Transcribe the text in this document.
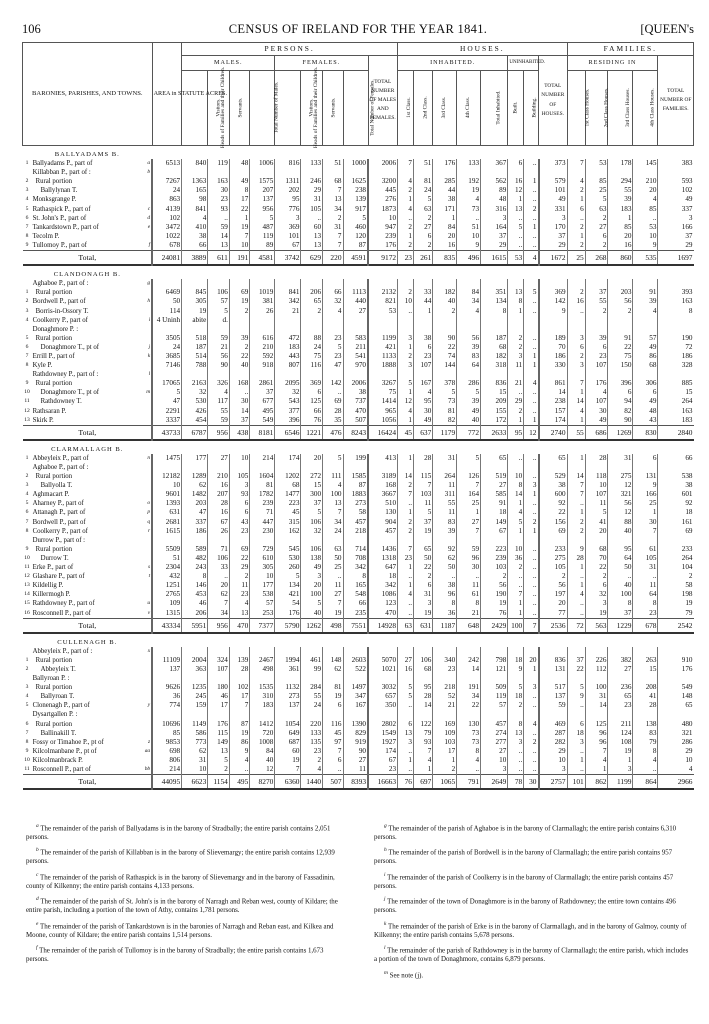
106	CENSUS OF IRELAND FOR THE YEAR 1841.	[QUEEN's
BARONIES, PARISHES, AND TOWNS.			AREA in STATUTE ACRES.	PERSONS.									HOUSES.								FAMILIES.				
				MALES.				FEMALES.				TOTAL NUMBER OF MALES AND FEMALES.	INHABITED.					UNINHABITED.		TOTAL NUMBER OF HOUSES.	RESIDING IN				TOTAL NUMBER OF FAMILIES.
				Heads of Families and their Children.	Visitors.	Servants.	Total Number of Males.	Heads of Families and their Children.	Visitors.	Servants.	Total Number of Females.		1st Class.	2nd Class.	3rd Class.	4th Class.	Total Inhabited.	Built.	Building.		1st Class Houses.	2nd Class Houses.	3rd Class Houses.	4th Class Houses.	
BALLYADAMS B.																									
1	Ballyadams P., part of	a	6513	840	119	48	1006	816	133	51	1000	2006	7	51	176	133	367	6	..	373	7	53	178	145	383
	Killabban P., part of :	b																							
2	Rural portion		7267	1363	163	49	1575	1311	246	68	1625	3200	4	81	285	192	562	16	1	579	4	85	294	210	593
3	Ballylynan T.		24	165	30	8	207	202	29	7	238	445	2	24	44	19	89	12	..	101	2	25	55	20	102
4	Monksgrange P.		863	98	23	17	137	95	31	13	139	276	1	5	38	4	48	1	..	49	1	5	39	4	49
5	Rathaspick P., part of	c	4139	841	93	22	956	776	105	34	917	1873	4	63	171	73	316	13	2	331	6	63	183	85	337
6	St. John's P., part of	d	102	4	..	1	5	3	..	2	5	10	..	2	1	..	3	..	..	3	..	2	1	..	3
7	Tankardstown P., part of	e	3472	410	59	19	487	369	60	31	460	947	2	27	84	51	164	5	1	170	2	27	85	53	166
8	Tecolm P.		1022	38	14	7	119	101	13	7	120	239	1	6	20	10	37	..	..	37	1	6	20	10	37
9	Tullomoy P., part of	f	678	66	13	10	89	67	13	7	87	176	2	2	16	9	29	..	..	29	2	2	16	9	29
	Total,		24081	3889	611	191	4581	3742	629	220	4591	9172	23	261	835	496	1615	53	4	1672	25	268	860	535	1697
CLANDONAGH B.																									
	Aghaboe P., part of :	g																							
1	Rural portion		6469	845	106	69	1019	841	206	66	1113	2132	2	33	182	84	351	13	5	369	2	37	203	91	393
2	Bordwell P., part of	h	50	305	57	19	381	342	65	32	440	821	10	44	40	34	134	8	..	142	16	55	56	39	163
3	Borris-in-Ossory T.		114	19	5	2	26	21	2	4	27	53	..	1	2	4	8	1	..	9	..	2	2	4	8
4	Coolkerry P., part of	i	4 Uninh	abite	d.																				
	Donaghmore P. :																								
5	Rural portion		3505	518	59	39	616	472	88	23	583	1199	3	38	90	56	187	2	..	189	3	39	91	57	190
6	Donaghmore T., pt of	j	24	187	21	2	210	183	24	5	211	421	1	6	22	39	68	2	..	70	6	6	22	49	72
7	Errill P., part of	k	3685	514	56	22	592	443	75	23	541	1133	2	23	74	83	182	3	1	186	2	23	75	86	186
8	Kyle P.		7146	788	90	40	918	807	116	47	970	1888	3	107	144	64	318	11	1	330	3	107	150	68	328
	Rathdowney P., part of :	l																							
9	Rural portion		17065	2163	326	168	2861	2095	369	142	2006	3267	5	167	378	286	836	21	4	861	7	176	396	306	885
10	Donaghmore T., pt of	m	5	32	4	..	37	32	6	..	38	75	1	4	5	5	15	..	..	14	1	4	6	6	15
11	Rathdowney T.		47	530	117	30	677	543	125	69	737	1414	12	95	73	39	209	29	..	238	14	107	94	49	264
12	Rathsaran P.		2291	426	55	14	495	377	66	28	470	965	4	30	81	49	155	2	..	157	4	30	82	48	163
13	Skirk P.		3337	454	59	37	549	396	76	35	507	1056	1	49	82	40	172	1	1	174	1	49	90	43	183
	Total,		43733	6787	956	438	8181	6546	1221	476	8243	16424	45	637	1179	772	2633	95	12	2740	55	686	1269	830	2840
CLARMALLAGH B.																									
1	Abbeyleix P., part of	n	1475	177	27	10	214	174	20	5	199	413	1	28	31	5	65	..	..	65	1	28	31	6	66
	Aghaboe P., part of :																								
2	Rural portion		12182	1289	210	105	1604	1202	272	111	1585	3189	14	115	264	126	519	10	..	529	14	118	275	131	538
3	Ballyolla T.		10	62	16	3	81	68	15	4	87	168	2	7	11	7	27	8	3	38	7	10	12	9	38
4	Aghmacart P.		9601	1482	207	93	1782	1477	300	100	1883	3667	7	103	311	164	585	14	1	600	7	107	321	166	601
5	Aharney P., part of	o	1393	203	28	6	239	223	37	13	273	510	..	11	55	25	91	1	..	92	..	11	56	25	92
6	Attanagh P., part of	p	631	47	16	6	71	45	5	7	58	130	1	5	11	1	18	4	..	22	1	5	12	1	18
7	Bordwell P., part of	q	2681	337	67	43	447	315	106	34	457	904	2	37	83	27	149	5	2	156	2	41	88	30	161
8	Coolkerry P., part of	r	1615	186	26	23	230	162	32	24	218	457	2	19	39	7	67	1	1	69	2	20	40	7	69
	Durrow P., part of :																								
9	Rural portion		5509	589	71	69	729	545	106	63	714	1436	7	65	92	59	223	10	..	233	9	68	95	61	233
10	Durrow T.		51	482	106	22	610	530	138	50	708	1318	23	50	62	96	239	36	..	275	28	70	64	105	264
11	Erke P., part of	s	2304	243	33	29	305	260	49	25	342	647	1	22	50	30	103	2	..	105	1	22	50	31	104
12	Glashare P., part of	t	432	8	..	2	10	5	3	..	8	18	..	2	..	..	2	..	..	2	..	2	..	..	2
13	Kildellig P.		1251	146	20	11	177	134	20	11	165	342	1	6	38	11	56	..	..	56	1	6	40	11	58
14	Killermogh P.		2765	453	62	23	538	421	100	27	548	1086	4	31	96	61	190	7	..	197	4	32	100	64	198
15	Rathdowney P., part of	u	109	46	7	4	57	54	5	7	66	123	..	3	8	8	19	1	..	20	..	3	8	8	19
16	Rosconnell P., part of	v	1315	206	34	13	253	176	40	19	235	470	..	19	36	21	76	1	..	77	..	19	37	23	79
	Total,		43334	5951	956	470	7377	5790	1262	498	7551	14928	63	631	1187	648	2429	100	7	2536	72	563	1229	678	2542
CULLENAGH B.																									
	Abbeyleix P., part of :	x																							
1	Rural portion		11109	2004	324	139	2467	1994	461	148	2603	5070	27	106	340	242	798	18	20	836	37	226	382	263	910
2	Abbeyleix T.		137	363	107	28	498	361	99	62	522	1021	16	68	23	14	121	9	1	131	22	112	27	15	176
	Ballyroan P. :																								
3	Rural portion		9626	1235	180	102	1535	1132	284	81	1497	3032	5	95	218	191	509	5	3	517	5	100	236	208	549
4	Ballyroan T.		36	245	46	17	310	273	55	19	347	657	5	28	52	34	119	18	..	137	9	31	65	41	148
5	Clonenagh P., part of	y	774	159	17	7	183	137	24	6	167	350	..	14	21	22	57	2	..	59	..	14	23	28	65
	Dysartgallen P. :																								
6	Rural portion		10696	1149	176	87	1412	1054	220	116	1390	2802	6	122	169	130	457	8	4	469	6	125	211	138	480
7	Ballinakill T.		85	586	115	19	720	649	133	45	829	1549	13	79	109	73	274	13	..	287	18	96	124	83	321
8	Fossy or Timahoe P., pt of	z	9853	773	149	86	1008	687	135	97	919	1927	3	93	103	73	277	3	2	282	3	96	108	79	286
9	Kilcolmanbane P., pt of	aa	698	62	13	9	84	60	23	7	90	174	..	7	17	8	27	..	..	29	..	7	19	8	29
10	Kilcolmanbrack P.		806	31	5	4	40	19	2	6	27	67	1	4	1	4	10	..	..	10	1	4	1	4	10
11	Rosconnell P., part of	bb	214	10	2	..	12	7	4	..	11	23	..	1	2	..	3	..	..	3	..	1	3	..	4
	Total,		44095	6623	1154	495	8270	6360	1440	507	8393	16663	76	697	1065	791	2649	78	30	2757	101	862	1199	864	2966

$^a$ The remainder of the parish of Ballyadams is in the barony of Stradbally; the entire parish contains 2,051 persons.

$^b$ The remainder of the parish of Killabban is in the barony of Slievemargy; the entire parish contains 12,939 persons.

$^c$ The remainder of the parish of Rathaspick is in the barony of Slievemargy and in the barony of Fassadinin, county of Kilkenny; the entire parish contains 4,133 persons.

$^d$ The remainder of the parish of St. John's is in the barony of Narragh and Reban west, county of Kildare; the entire parish, including a portion of the town of Athy, contains 1,781 persons.

$^e$ The remainder of the parish of Tankardstown is in the baronies of Narragh and Reban east, and Kilkea and Moone, county of Kildare; the entire parish contains 1,514 persons.

$^f$ The remainder of the parish of Tullomoy is in the barony of Stradbally; the entire parish contains 1,673 persons.

$^g$ The remainder of the parish of Aghaboe is in the barony of Clarmallagh; the entire parish contains 6,310 persons.

$^h$ The remainder of the parish of Bordwell is in the barony of Clarmallagh; the entire parish contains 957 persons.

$^i$ The remainder of the parish of Coolkerry is in the barony of Clarmallagh; the entire parish contains 457 persons.

$^j$ The remainder of the town of Donaghmore is in the barony of Rathdowney; the entire town contains 496 persons.

$^k$ The remainder of the parish of Erke is in the barony of Clarmallagh, and in the barony of Galmoy, county of Kilkenny; the entire parish contains 5,678 persons.

$^l$ The remainder of the parish of Rathdowney is in the barony of Clarmallagh; the entire parish, which includes a portion of the town of Donaghmore, contains 6,879 persons.

$^m$ See note (j).
